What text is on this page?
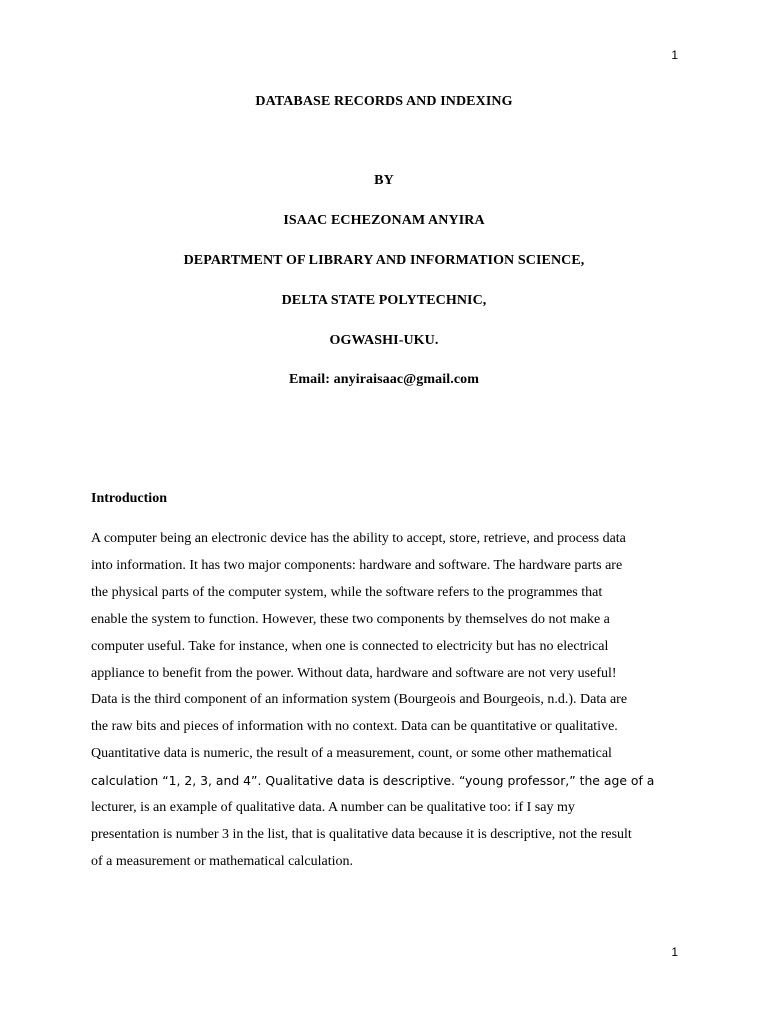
1
DATABASE RECORDS AND INDEXING
BY
ISAAC ECHEZONAM ANYIRA
DEPARTMENT OF LIBRARY AND INFORMATION SCIENCE,
DELTA STATE POLYTECHNIC,
OGWASHI-UKU.
Email: anyiraisaac@gmail.com
Introduction
A computer being an electronic device has the ability to accept, store, retrieve, and process data
into information. It has two major components: hardware and software. The hardware parts are
the physical parts of the computer system, while the software refers to the programmes that
enable the system to function. However, these two components by themselves do not make a
computer useful. Take for instance, when one is connected to electricity but has no electrical
appliance to benefit from the power. Without data, hardware and software are not very useful!
Data is the third component of an information system (Bourgeois and Bourgeois, n.d.). Data are
the raw bits and pieces of information with no context. Data can be quantitative or qualitative.
Quantitative data is numeric, the result of a measurement, count, or some other mathematical
calculation “1, 2, 3, and 4”. Qualitative data is descriptive. “young professor,” the age of a
lecturer, is an example of qualitative data. A number can be qualitative too: if I say my
presentation is number 3 in the list, that is qualitative data because it is descriptive, not the result
of a measurement or mathematical calculation.
1
